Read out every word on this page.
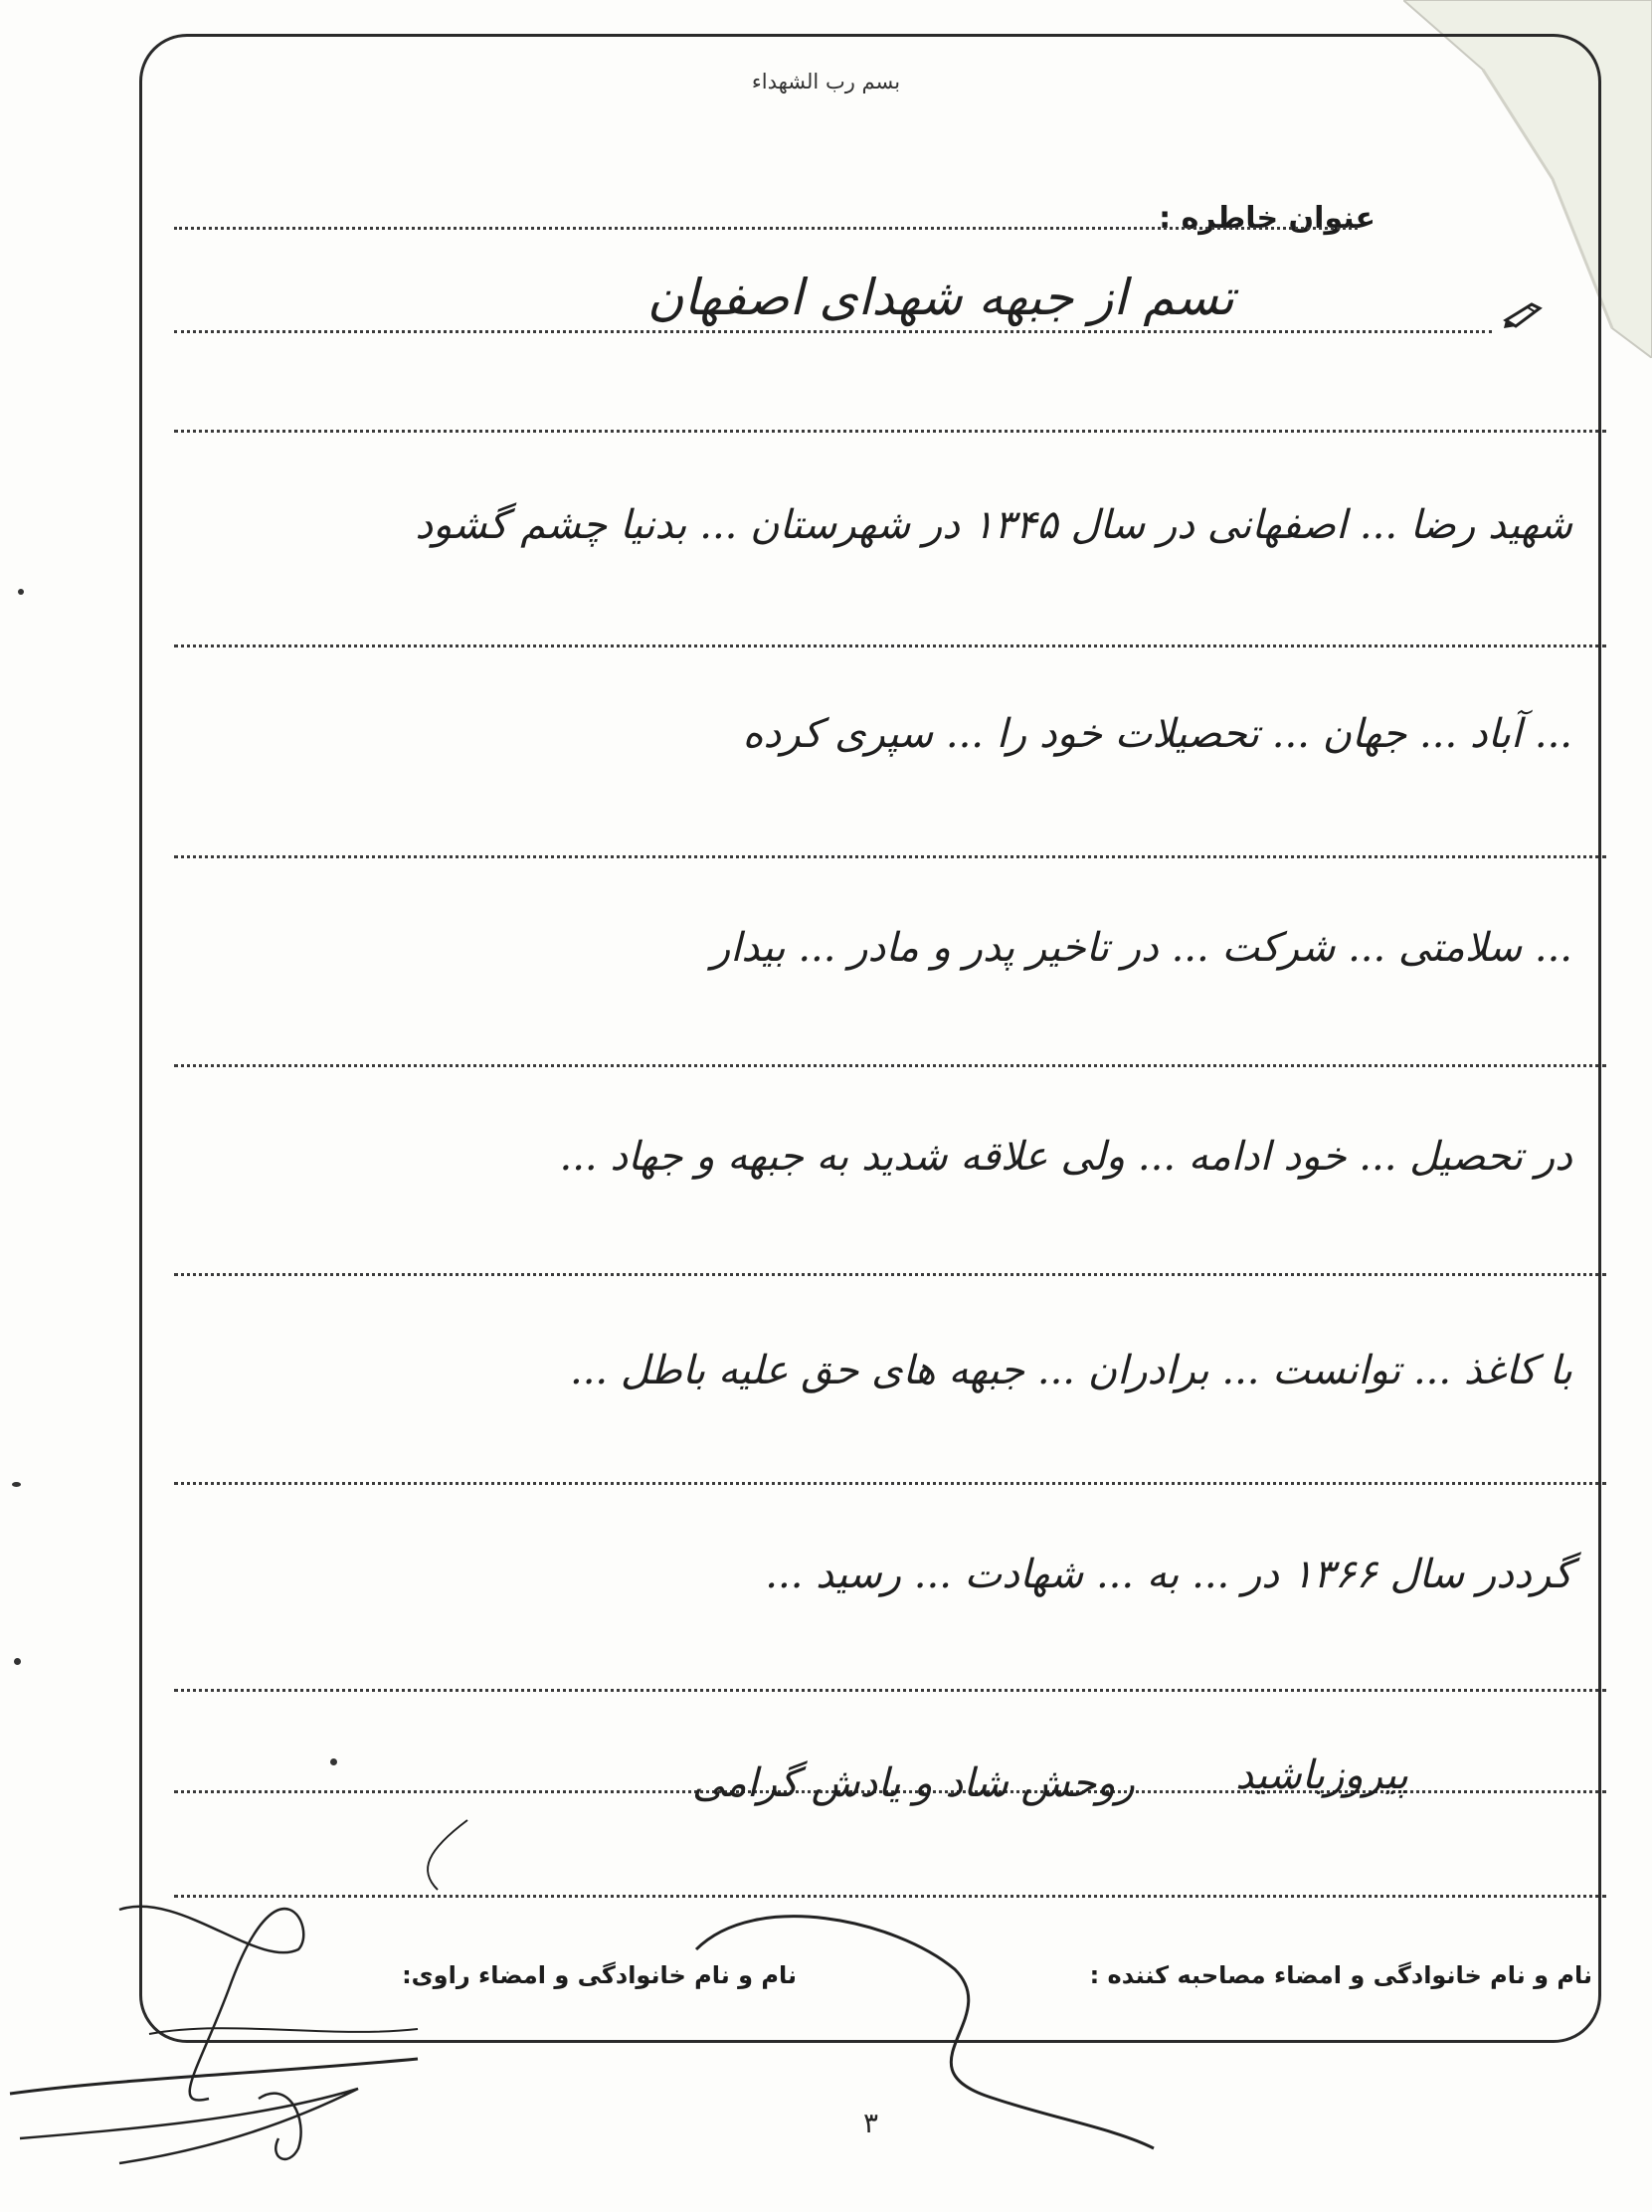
بسم رب الشهداء
عنوان خاطره :
تسم از جبهه شهدای اصفهان
شهید رضا ... اصفهانی در سال ۱۳۴۵ در شهرستان ... بدنیا چشم گشود
... آباد ... جهان ... تحصیلات خود را ... سپری کرده
... سلامتی ... شرکت ... در تاخیر پدر و مادر ... بیدار
در تحصیل ... خود ادامه ... ولی علاقه شدید به جبهه و جهاد ...
با کاغذ ... توانست ... برادران ... جبهه های حق علیه باطل ...
گرددر سال ۱۳۶۶ در ... به ... شهادت ... رسید ...
پیروزباشید
روحش شاد و یادش گرامی
نام و نام خانوادگی و امضاء مصاحبه کننده :
نام و نام خانوادگی و امضاء راوی:
۳
